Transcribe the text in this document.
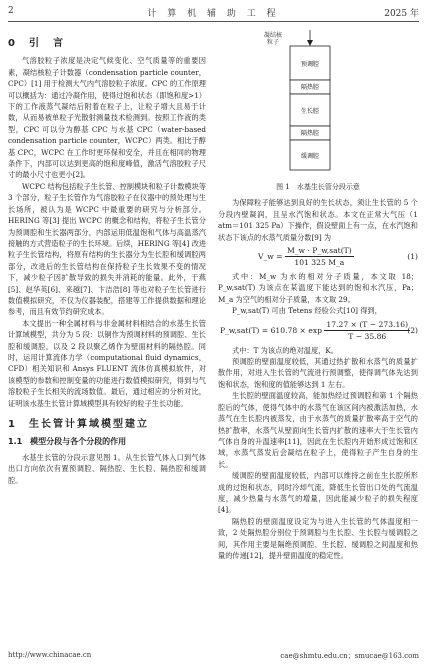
2	计 算 机 辅 助 工 程	2025 年
0　引　言

气溶胶粒子浓度是决定气候变化、空气质量等的重要因素，凝结核粒子计数器（condensation particle counter，CPC）[1] 用于检测大气内气溶胶粒子浓度。CPC 的工作原理可以概括为：通过冷凝作用，使得过饱和状态（即饱和度>1）下的工作液蒸气凝结后附着在粒子上，让粒子增大且易于计数，从而易被单粒子光散射测量技术检测到。按照工作液的类型，CPC 可以分为醇基 CPC 与水基 CPC（water-based condensation particle counter，WCPC）两类。相比于醇基 CPC，WCPC 在工作时更环保和安全，并且在相同的物理条件下，内部可以达到更高的饱和度峰值，激活气溶胶粒子尺寸的最小尺寸也更小[2]。

WCPC 结构包括粒子生长管、控制模块和粒子计数模块等 3 个部分，粒子生长管作为气溶胶粒子在仪器中的预处理与生长场所，被认为是 WCPC 中最重要的研究与分析部分。HERING 等[3] 提出 WCPC 的概念和结构，将粒子生长管分为预调腔和生长器两部分，内部运用低温饱和气体与高温蒸汽接触的方式营造粒子的生长环境。后续，HERING 等[4] 改进粒子生长管结构，将原有结构的生长器分为生长腔和缓调腔两部分，改进后的生长管结构在保持粒子生长效果不变的情况下，减少粒子因扩散导致的损失并消耗的能量。此外，于燕[5]、赵华英[6]、来越[7]、卞洁浩[8] 等也对粒子生长管进行数值模拟研究，不仅为仪器装配，搭建等工作提供数据和理论参考，而且有效节约研究成本。

本文提出一种全属材料与非金属材料相结合的水基生长管计算域模型，共分为 5 段：以铜作为预调材料的预调腔、生长腔和缓调腔，以及 2 段以聚乙烯作为壁面材料的隔热腔。同时，运用计算流体力学（computational fluid dynamics，CFD）相关知识和 Ansys FLUENT 流体仿真模拟软件，对该模型的参数和控制变量的功能进行数值模拟研究，得到与气溶胶粒子生长相关的流场数值。最后，通过相应的分析对比，证明该水基生长管计算域模型具有较好的粒子生长功能。

1　生长管计算域模型建立
1.1　模型分段与各个分段的作用

水基生长管的分段示意见图 1。从生长管气体入口到气体出口方向依次有置预调腔、隔热腔、生长腔、隔热腔和缓调腔。

凝结核粒子
预调腔
隔热腔
生长腔
隔热腔
缓调腔
图 1　水基生长管分段示意

为保障粒子能够达到良好的生长状态，须让生长管的 5 个分段内壁凝润，且呈水汽饱和状态。本文在正常大气压（1 atm＝101 325 Pa）下操作，假设壁面上有一点，在水汽饱和状态下该点的水蒸气质量分数[9] 为

V_w = $\frac{\text{M\_w · P\_w,sat(T)}}{101 325 M\_a}$	(1)

式中：M_w 为水的相对分子质量，本文取 18；P_w,sat(T) 为该点在某温度下能达到的饱和水汽压，Pa；M_a 为空气的相对分子质量，本文取 29。

P_w,sat(T) 可由 Tetens 经验公式[10] 得到，

P_w,sat(T) = $610.78 \times \exp \frac{17.27 \times (T - 273.16)}{T - 35.86}$
(2)

式中：T 为该点的绝对温度，K。

预调腔的壁面温度较低，其通过热扩散和水蒸气的质量扩散作用，对进入生长管的气流进行预调整，使得调气体先达到饱和状态，饱和度的值能够达到 1 左右。

生长腔的壁面温度较高，能加热经过预调腔和第 1 个隔热腔后的气体，使得气体中的水蒸气在该区间内被激活加热，水蒸气在生长腔内被蒸发，由于水蒸气的质量扩散率高于空气的热扩散率，水蒸气从壁面向生长管内扩散的速率大于生长管内气体自身的升温速率[11]，因此在生长腔内开始形成过饱和区域，水蒸气蒸发后会凝结在粒子上，使得粒子产生自身的生长。

缓调腔的壁面温度较低，内部可以维持之前在生长腔所形成的过饱和状态，同时冷却气流，降低生长管出口处的气流温度，减少热量与水蒸气的增量，因此能减少粒子的损失程度[4]。

隔热腔的壁面温度设定为与进入生长管的气体温度相一致，2 处隔热腔分别位于预调腔与生长腔、生长腔与缓调腔之间，其作用主要是隔绝预调腔、生长腔、缓调腔之间温度和热量的传递[12]，提升壁面温度的稳定性。

http://www.chinacae.cn	cae@shmtu.edu.cn；smucae@163.com
